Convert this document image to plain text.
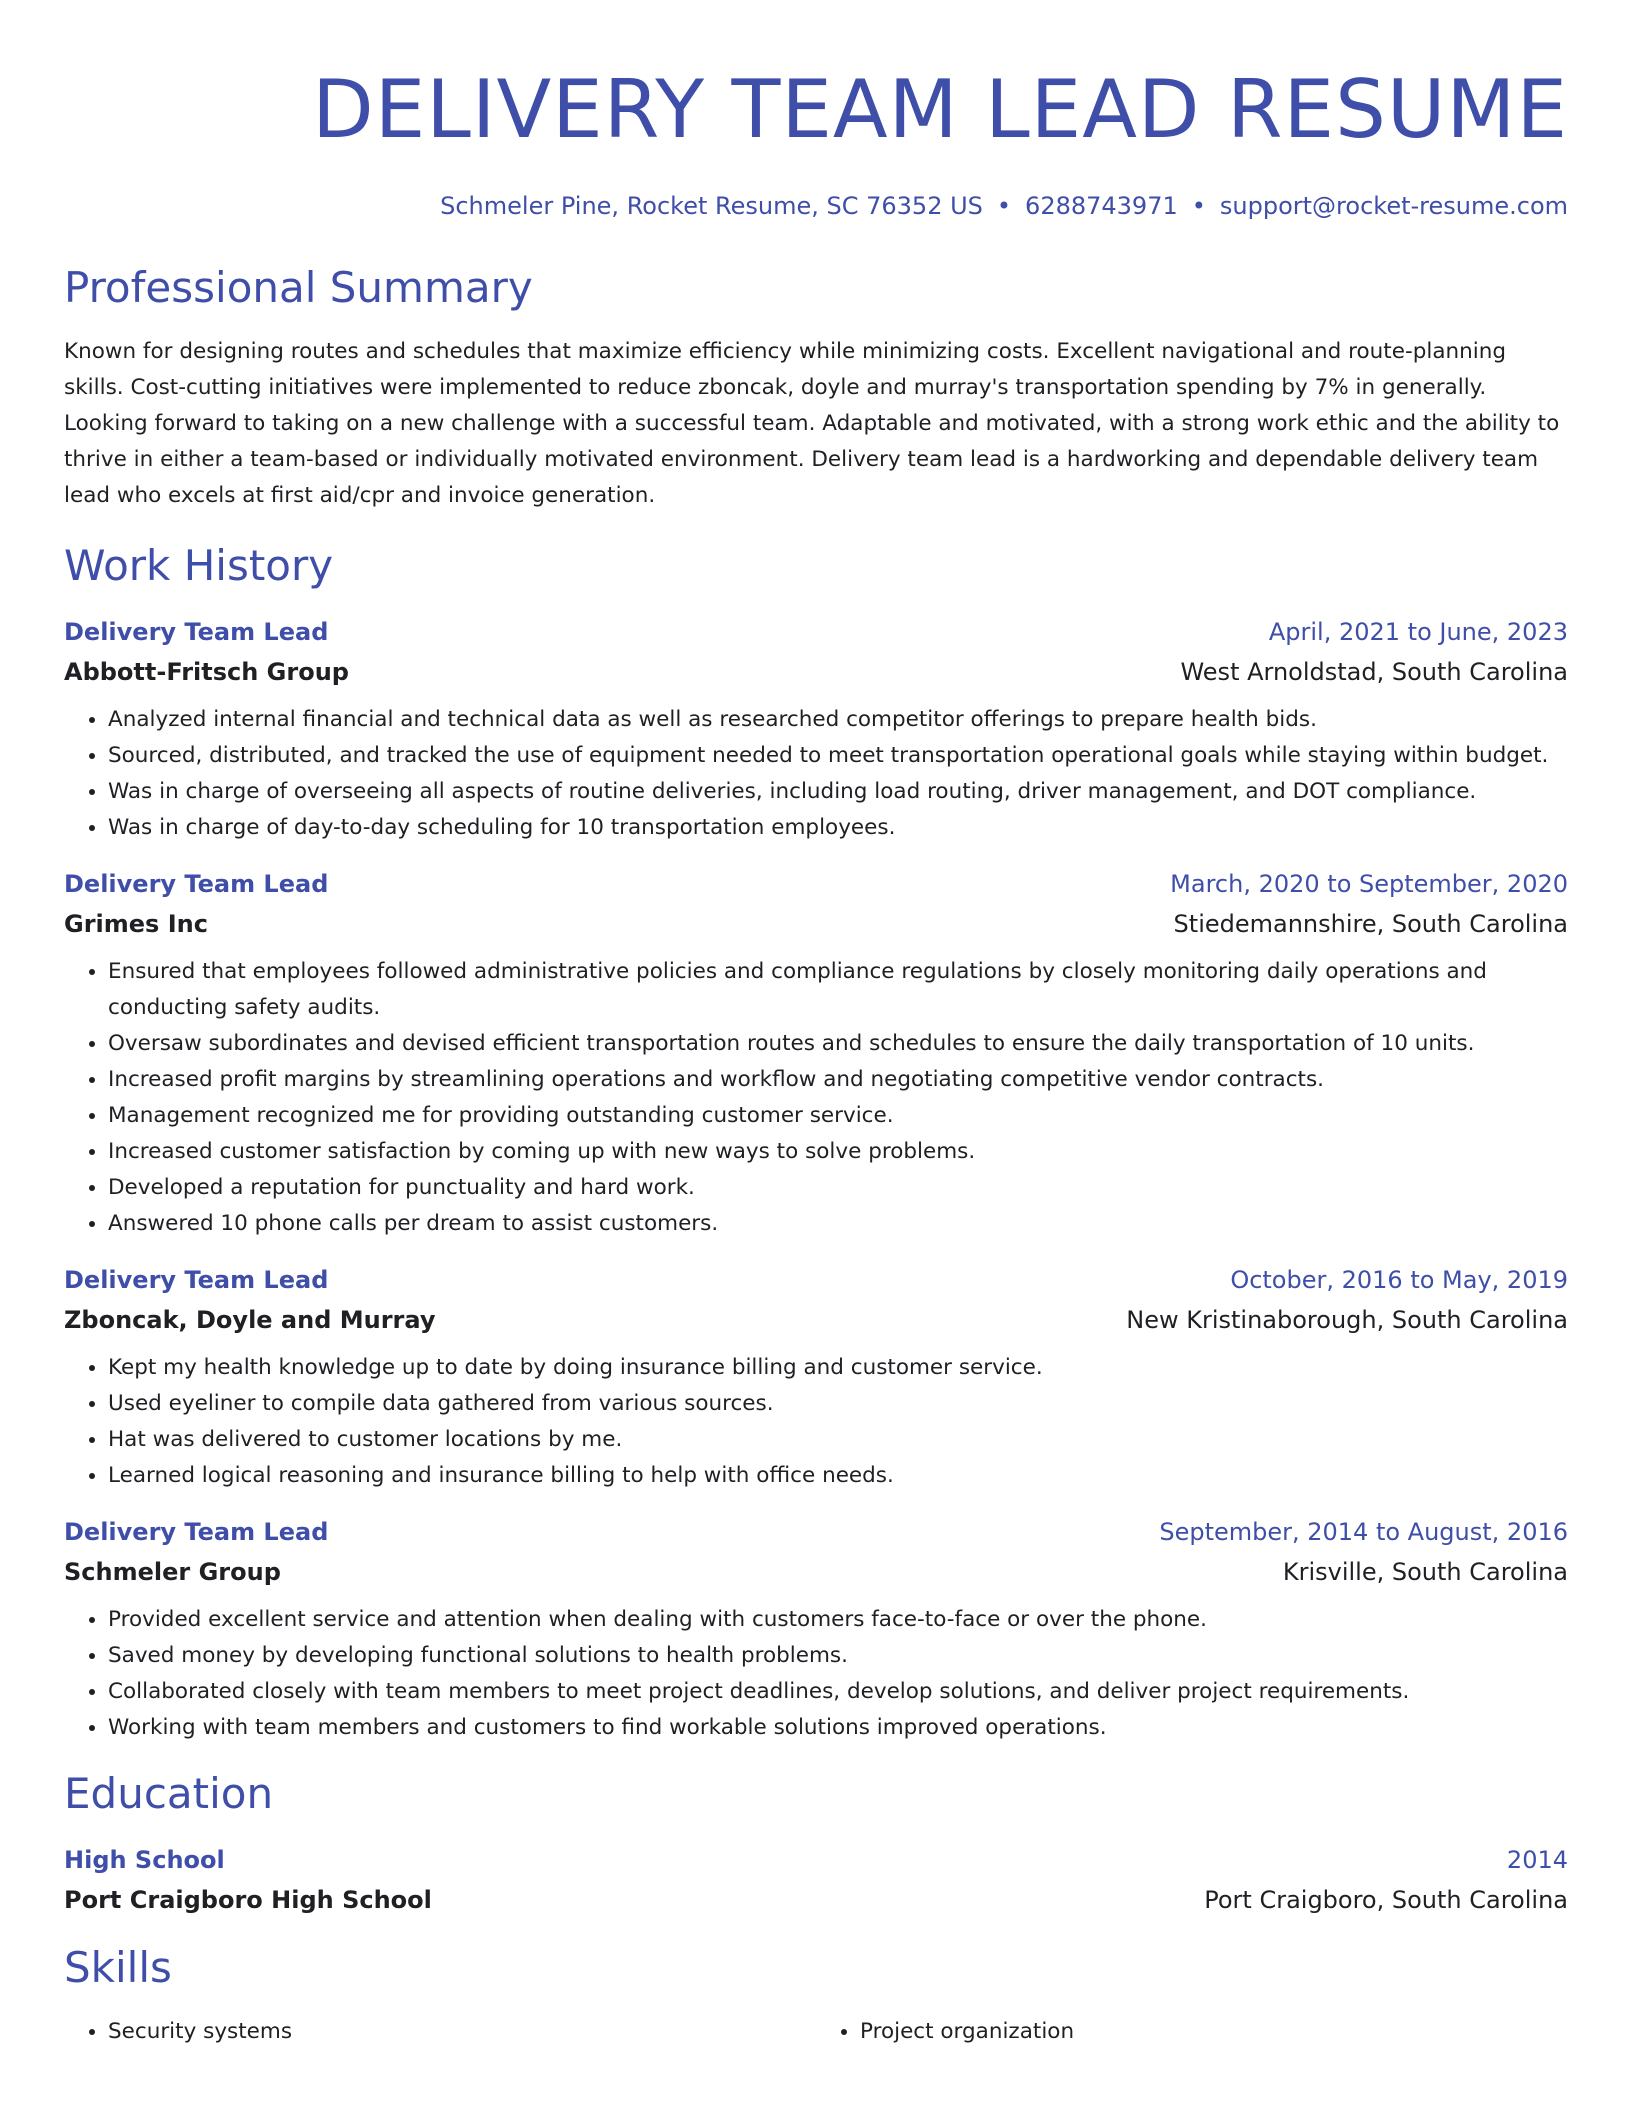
DELIVERY TEAM LEAD RESUME
Schmeler Pine, Rocket Resume, SC 76352 US • 6288743971 • support@rocket-resume.com
Professional Summary

Known for designing routes and schedules that maximize efficiency while minimizing costs. Excellent navigational and route-planning skills. Cost-cutting initiatives were implemented to reduce zboncak, doyle and murray's transportation spending by 7% in generally. Looking forward to taking on a new challenge with a successful team. Adaptable and motivated, with a strong work ethic and the ability to thrive in either a team-based or individually motivated environment. Delivery team lead is a hardworking and dependable delivery team lead who excels at first aid/cpr and invoice generation.

Work History
Delivery Team Lead	April, 2021 to June, 2023
Abbott-Fritsch Group	West Arnoldstad, South Carolina
• Analyzed internal financial and technical data as well as researched competitor offerings to prepare health bids.
• Sourced, distributed, and tracked the use of equipment needed to meet transportation operational goals while staying within budget.
• Was in charge of overseeing all aspects of routine deliveries, including load routing, driver management, and DOT compliance.
• Was in charge of day-to-day scheduling for 10 transportation employees.
Delivery Team Lead	March, 2020 to September, 2020
Grimes Inc	Stiedemannshire, South Carolina
• Ensured that employees followed administrative policies and compliance regulations by closely monitoring daily operations and conducting safety audits.
• Oversaw subordinates and devised efficient transportation routes and schedules to ensure the daily transportation of 10 units.
• Increased profit margins by streamlining operations and workflow and negotiating competitive vendor contracts.
• Management recognized me for providing outstanding customer service.
• Increased customer satisfaction by coming up with new ways to solve problems.
• Developed a reputation for punctuality and hard work.
• Answered 10 phone calls per dream to assist customers.
Delivery Team Lead	October, 2016 to May, 2019
Zboncak, Doyle and Murray	New Kristinaborough, South Carolina
• Kept my health knowledge up to date by doing insurance billing and customer service.
• Used eyeliner to compile data gathered from various sources.
• Hat was delivered to customer locations by me.
• Learned logical reasoning and insurance billing to help with office needs.
Delivery Team Lead	September, 2014 to August, 2016
Schmeler Group	Krisville, South Carolina
• Provided excellent service and attention when dealing with customers face-to-face or over the phone.
• Saved money by developing functional solutions to health problems.
• Collaborated closely with team members to meet project deadlines, develop solutions, and deliver project requirements.
• Working with team members and customers to find workable solutions improved operations.
Education
High School	2014
Port Craigboro High School	Port Craigboro, South Carolina
Skills
• Security systems
•	Project organization
